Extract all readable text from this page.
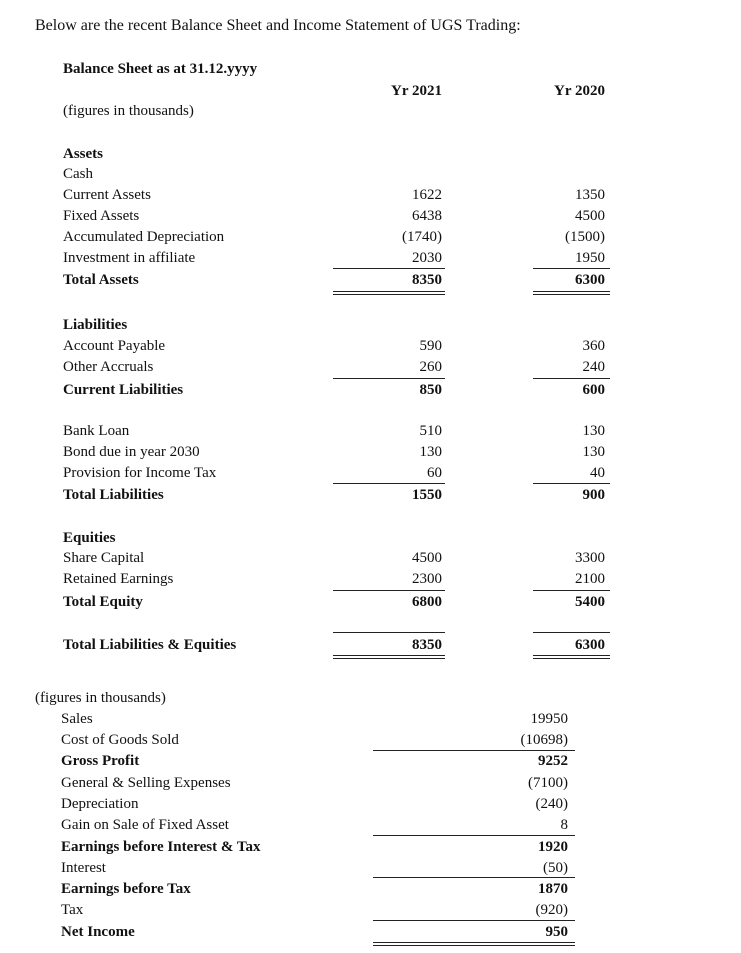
Below are the recent Balance Sheet and Income Statement of UGS Trading:
Balance Sheet as at 31.12.yyyy
Yr 2021	Yr 2020
(figures in thousands)
Assets
Cash
Current Assets	1622	1350
Fixed Assets	6438	4500
Accumulated Depreciation	(1740)	(1500)
Investment in affiliate	2030	1950
Total Assets	8350	6300
Liabilities
Account Payable	590	360
Other Accruals	260	240
Current Liabilities	850	600
Bank Loan	510	130
Bond due in year 2030	130	130
Provision for Income Tax	60	40
Total Liabilities	1550	900
Equities
Share Capital	4500	3300
Retained Earnings	2300	2100
Total Equity	6800	5400
Total Liabilities & Equities	8350	6300
(figures in thousands)
Sales	19950
Cost of Goods Sold	(10698)
Gross Profit	9252
General & Selling Expenses	(7100)
Depreciation	(240)
Gain on Sale of Fixed Asset	8
Earnings before Interest & Tax	1920
Interest	(50)
Earnings before Tax	1870
Tax	(920)
Net Income	950
